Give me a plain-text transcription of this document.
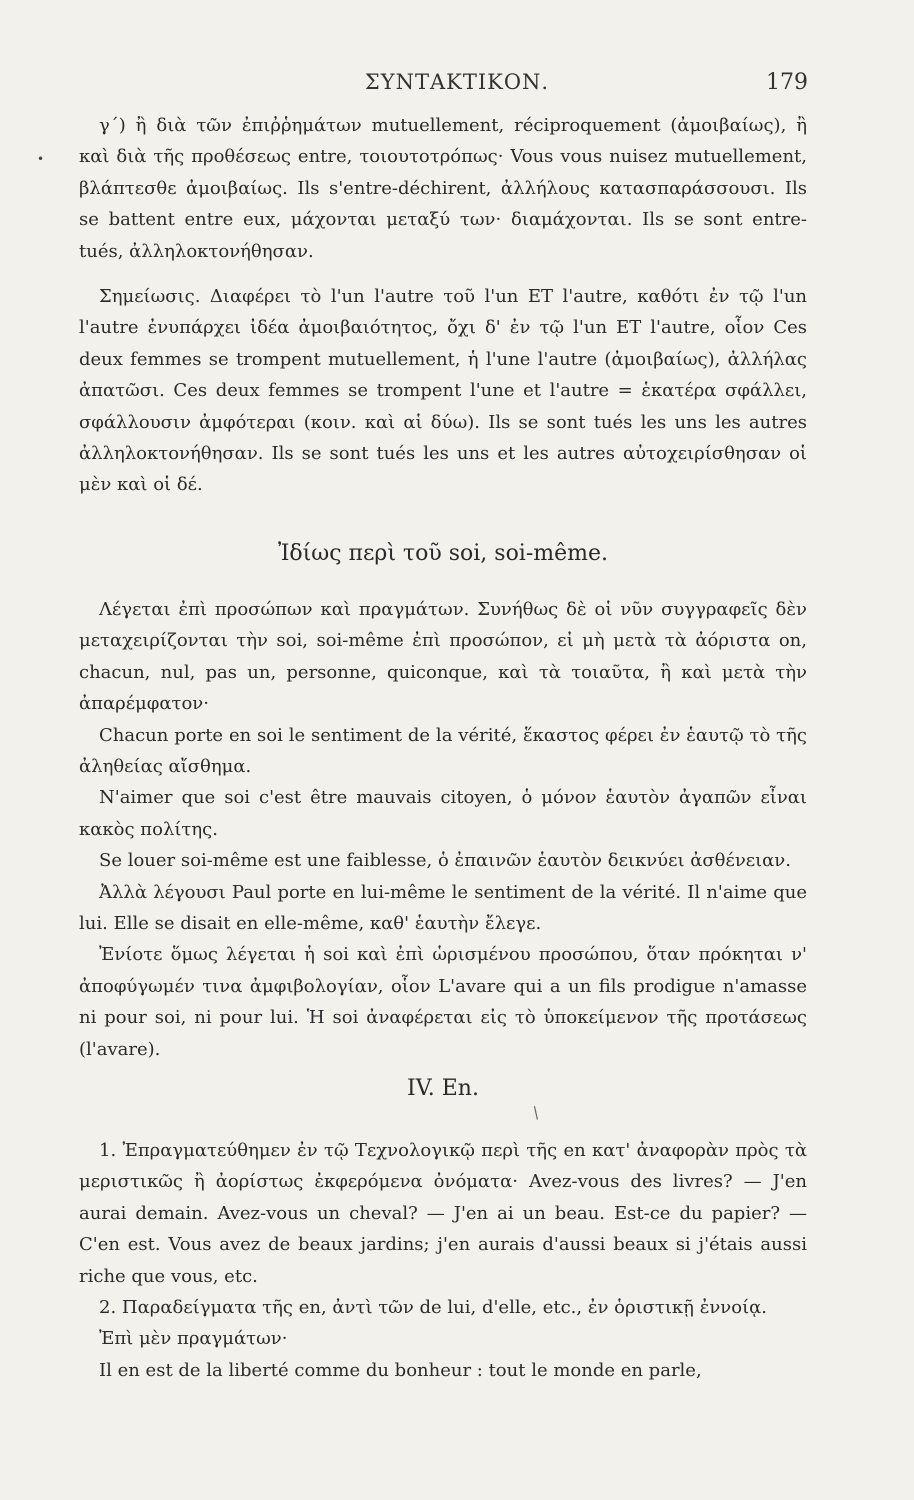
ΣΥΝΤΑΚΤΙΚΟΝ.	179
•
/

γ΄) ἢ διὰ τῶν ἐπιῤῥημάτων mutuellement, réciproquement (ἀμοιβαίως), ἢ καὶ διὰ τῆς προθέσεως entre, τοιουτοτρόπως· Vous vous nuisez mutuellement, βλάπτεσθε ἀμοιβαίως. Ils s'entre-déchirent, ἀλλήλους κατασπαράσσουσι. Ils se battent entre eux, μάχονται μεταξύ των· διαμάχονται. Ils se sont entre-tués, ἀλληλοκτονήθησαν.

Σημείωσις. Διαφέρει τὸ l'un l'autre τοῦ l'un ET l'autre, καθότι ἐν τῷ l'un l'autre ἐνυπάρχει ἰδέα ἀμοιβαιότητος, ὄχι δ' ἐν τῷ l'un ET l'autre, οἷον Ces deux femmes se trompent mutuellement, ἡ l'une l'autre (ἀμοιβαίως), ἀλλήλας ἀπατῶσι. Ces deux femmes se trompent l'une et l'autre = ἑκατέρα σφάλλει, σφάλλουσιν ἀμφότεραι (κοιν. καὶ αἱ δύω). Ils se sont tués les uns les autres ἀλληλοκτονήθησαν. Ils se sont tués les uns et les autres αὐτοχειρίσθησαν οἱ μὲν καὶ οἱ δέ.

Ἰδίως περὶ τοῦ soi, soi-même.

Λέγεται ἐπὶ προσώπων καὶ πραγμάτων. Συνήθως δὲ οἱ νῦν συγγραφεῖς δὲν μεταχειρίζονται τὴν soi, soi-même ἐπὶ προσώπον, εἰ μὴ μετὰ τὰ ἀόριστα on, chacun, nul, pas un, personne, quiconque, καὶ τὰ τοιαῦτα, ἢ καὶ μετὰ τὴν ἀπαρέμφατον·

Chacun porte en soi le sentiment de la vérité, ἕκαστος φέρει ἐν ἑαυτῷ τὸ τῆς ἀληθείας αἴσθημα.

N'aimer que soi c'est être mauvais citoyen, ὁ μόνον ἑαυτὸν ἀγαπῶν εἶναι κακὸς πολίτης.

Se louer soi-même est une faiblesse, ὁ ἐπαινῶν ἑαυτὸν δεικνύει ἀσθένειαν.

Ἀλλὰ λέγουσι Paul porte en lui-même le sentiment de la vérité. Il n'aime que lui. Elle se disait en elle-même, καθ' ἑαυτὴν ἔλεγε.

Ἐνίοτε ὅμως λέγεται ἡ soi καὶ ἐπὶ ὡρισμένου προσώπου, ὅταν πρόκηται ν' ἀποφύγωμέν τινα ἀμφιβολογίαν, οἷον L'avare qui a un fils prodigue n'amasse ni pour soi, ni pour lui. Ἡ soi ἀναφέρεται εἰς τὸ ὑποκείμενον τῆς προτάσεως (l'avare).

IV. En.

1. Ἐπραγματεύθημεν ἐν τῷ Τεχνολογικῷ περὶ τῆς en κατ' ἀναφορὰν πρὸς τὰ μεριστικῶς ἢ ἀορίστως ἐκφερόμενα ὀνόματα· Avez-vous des livres? — J'en aurai demain. Avez-vous un cheval? — J'en ai un beau. Est-ce du papier? — C'en est. Vous avez de beaux jardins; j'en aurais d'aussi beaux si j'étais aussi riche que vous, etc.

2. Παραδείγματα τῆς en, ἀντὶ τῶν de lui, d'elle, etc., ἐν ὁριστικῇ ἐννοίᾳ.

Ἐπὶ μὲν πραγμάτων·

Il en est de la liberté comme du bonheur : tout le monde en parle,
